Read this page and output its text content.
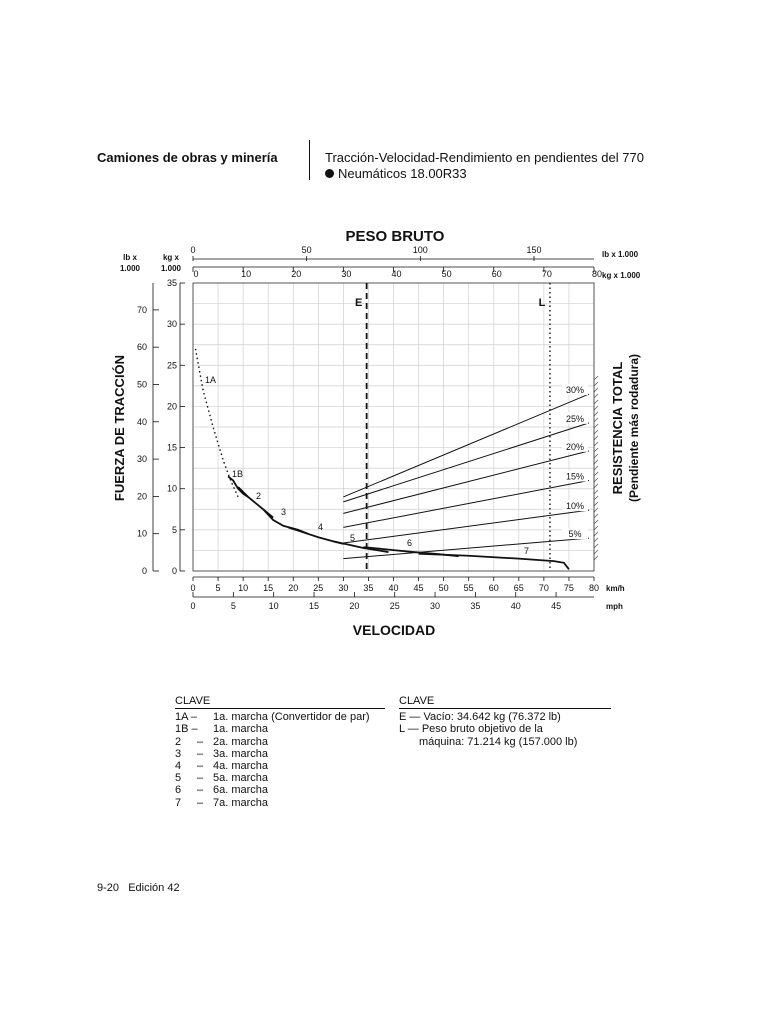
Camiones de obras y minería	Tracción-Velocidad-Rendimiento en pendientes del 770
Neumáticos 18.00R33
PESO BRUTO
0	50	100	150
0	10	20	30	40	50	60	70	80
lb x
1.000
kg x
1.000
lb x 1.000
kg x 1.000
0
5
10
15
20
25
30
35
0
10
20
30
40
50
60
70
FUERZA DE TRACCIÓN	RESISTENCIA TOTAL (Pendiente más rodadura)
0 5 10 15 20 25 30 35 40 45 50 55 60 65 70 75 80 km/h
0	5	10	15	20	25	30	35	40	45	mph
VELOCIDAD
E	L
5%
10%
15%
20%
25%
30%
1A
1B
2
3
4
5	6
7
CLAVE
1A – 1a. marcha (Convertidor de par)
1B – 1a. marcha
2 – 2a. marcha
3 – 3a. marcha
4 – 4a. marcha
5 – 5a. marcha
6 – 6a. marcha
7 – 7a. marcha
CLAVE
E — Vacío: 34.642 kg (76.372 lb)
L — Peso bruto objetivo de la
máquina: 71.214 kg (157.000 lb)
9-20 Edición 42
